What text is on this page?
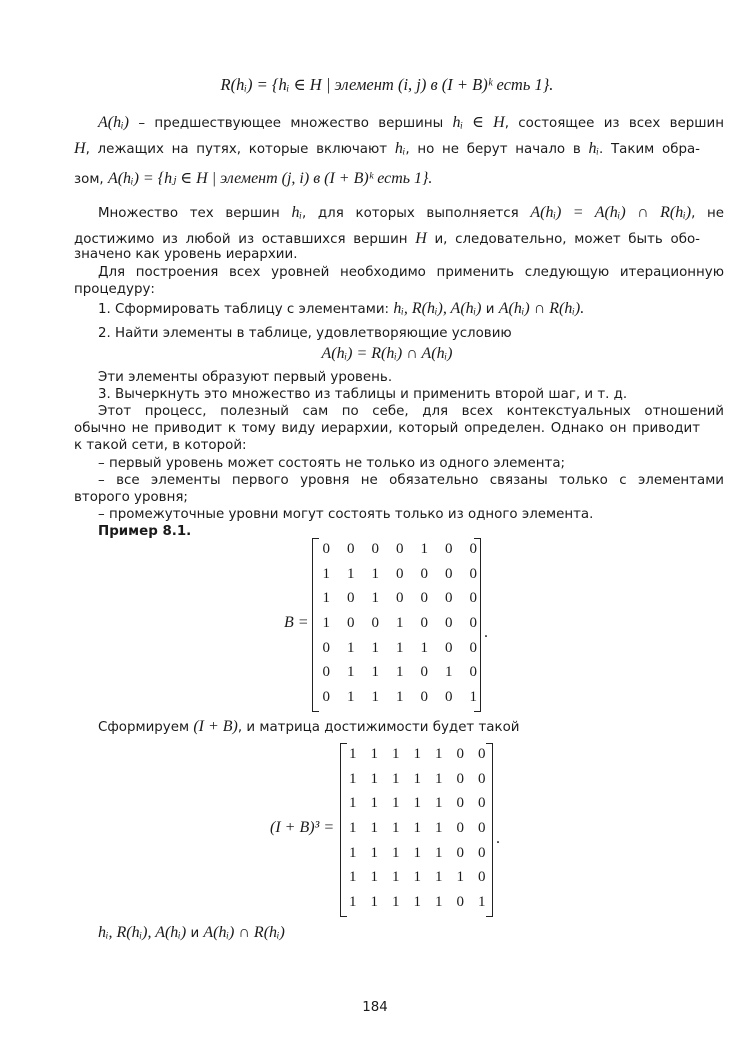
R(hᵢ) = {hᵢ ∈ H | элемент (i, j) в (I + B)ᵏ есть 1}.
A(hᵢ) – предшествующее множество вершины hᵢ ∈ H, состоящее из всех вершин
H, лежащих на путях, которые включают hᵢ, но не берут начало в hᵢ. Таким обра-
зом, A(hᵢ) = {hⱼ ∈ H | элемент (j, i) в (I + B)ᵏ есть 1}.
Множество тех вершин hᵢ, для которых выполняется A(hᵢ) = A(hᵢ) ∩ R(hᵢ), не
достижимо из любой из оставшихся вершин H и, следовательно, может быть обо-
значено как уровень иерархии.
Для построения всех уровней необходимо применить следующую итерационную
процедуру:
1. Сформировать таблицу с элементами: hᵢ, R(hᵢ), A(hᵢ) и A(hᵢ) ∩ R(hᵢ).
2. Найти элементы в таблице, удовлетворяющие условию
A(hᵢ) = R(hᵢ) ∩ A(hᵢ)
Эти элементы образуют первый уровень.
3. Вычеркнуть это множество из таблицы и применить второй шаг, и т. д.
Этот процесс, полезный сам по себе, для всех контекстуальных отношений
обычно не приводит к тому виду иерархии, который определен. Однако он приводит
к такой сети, в которой:
– первый уровень может состоять не только из одного элемента;
– все элементы первого уровня не обязательно связаны только с элементами
второго уровня;
– промежуточные уровни могут состоять только из одного элемента.
Пример 8.1.
B =
0	0	0	0	1	0	0
1	1	1	0	0	0	0
1	0	1	0	0	0	0
1	0	0	1	0	0	0
0	1	1	1	1	0	0
0	1	1	1	0	1	0
0	1	1	1	0	0	1
.
Сформируем (I + B), и матрица достижимости будет такой
(I + B)³ =
1 1 1 1 1 0 0
1 1 1 1 1 0 0
1 1 1 1 1 0 0
1 1 1 1 1 0 0
1 1 1 1 1 0 0
1 1 1 1 1 1 0
1 1 1 1 1 0 1
.
hᵢ, R(hᵢ), A(hᵢ) и A(hᵢ) ∩ R(hᵢ)
184
